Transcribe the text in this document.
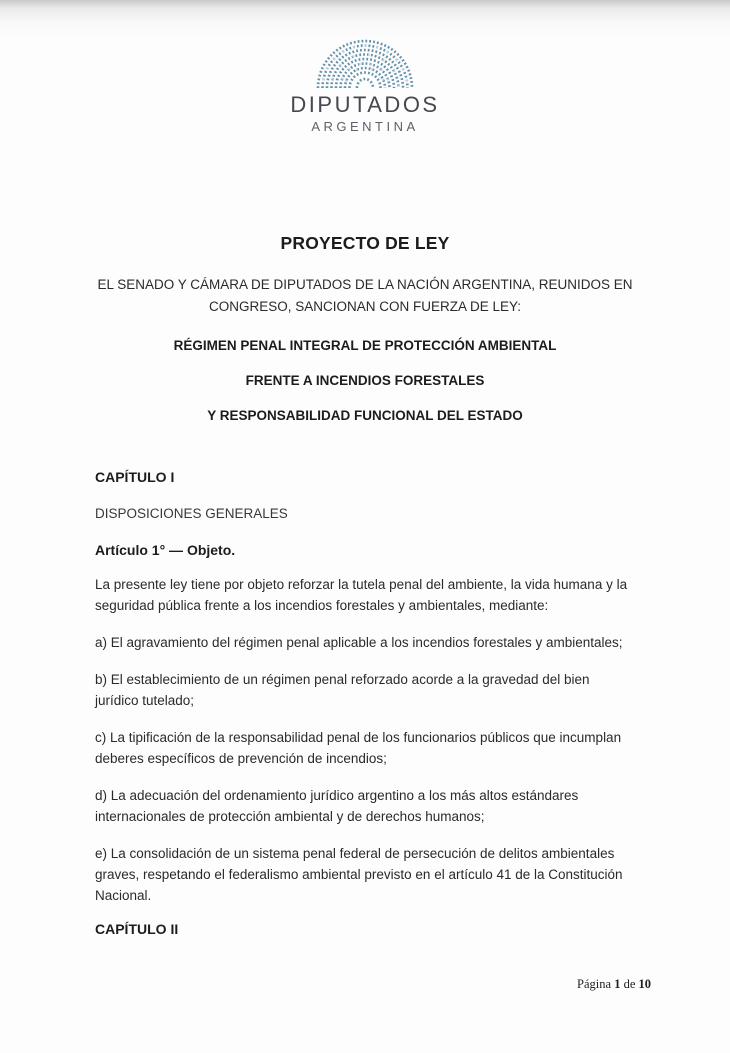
DIPUTADOS
ARGENTINA
PROYECTO DE LEY
EL SENADO Y CÁMARA DE DIPUTADOS DE LA NACIÓN ARGENTINA, REUNIDOS EN CONGRESO, SANCIONAN CON FUERZA DE LEY:
RÉGIMEN PENAL INTEGRAL DE PROTECCIÓN AMBIENTAL
FRENTE A INCENDIOS FORESTALES
Y RESPONSABILIDAD FUNCIONAL DEL ESTADO
CAPÍTULO I
DISPOSICIONES GENERALES
Artículo 1° — Objeto.

La presente ley tiene por objeto reforzar la tutela penal del ambiente, la vida humana y la seguridad pública frente a los incendios forestales y ambientales, mediante:

a) El agravamiento del régimen penal aplicable a los incendios forestales y ambientales;

b) El establecimiento de un régimen penal reforzado acorde a la gravedad del bien jurídico tutelado;

c) La tipificación de la responsabilidad penal de los funcionarios públicos que incumplan deberes específicos de prevención de incendios;

d) La adecuación del ordenamiento jurídico argentino a los más altos estándares internacionales de protección ambiental y de derechos humanos;

e) La consolidación de un sistema penal federal de persecución de delitos ambientales graves, respetando el federalismo ambiental previsto en el artículo 41 de la Constitución Nacional.

CAPÍTULO II
Página 1 de 10
